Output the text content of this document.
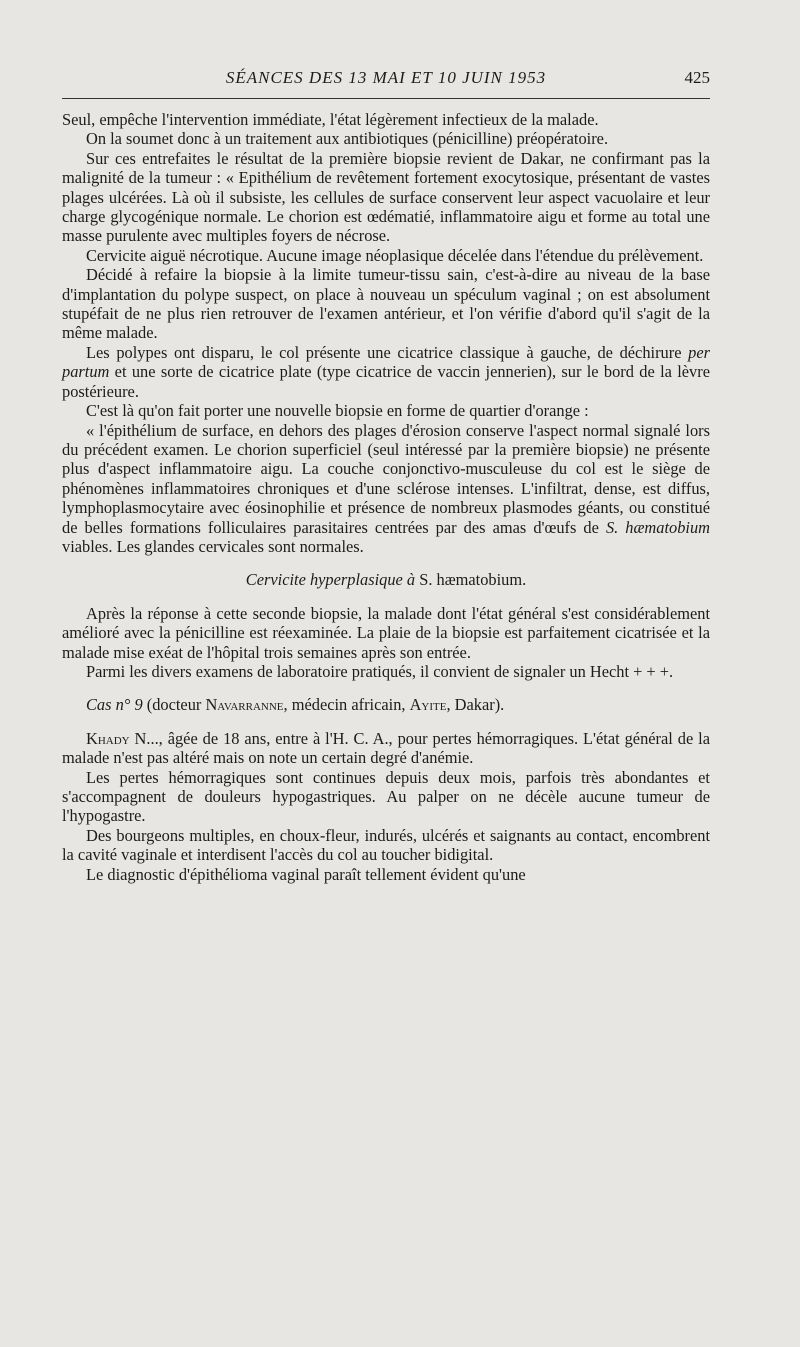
SÉANCES DES 13 MAI ET 10 JUIN 1953	425

Seul, empêche l'intervention immédiate, l'état légèrement infectieux de la malade.

On la soumet donc à un traitement aux antibiotiques (pénicilline) préopératoire.

Sur ces entrefaites le résultat de la première biopsie revient de Dakar, ne confirmant pas la malignité de la tumeur : « Epithélium de revêtement fortement exocytosique, présentant de vastes plages ulcérées. Là où il subsiste, les cellules de surface conservent leur aspect vacuolaire et leur charge glycogénique normale. Le chorion est œdématié, inflammatoire aigu et forme au total une masse purulente avec multiples foyers de nécrose.

Cervicite aiguë nécrotique. Aucune image néoplasique décelée dans l'étendue du prélèvement.

Décidé à refaire la biopsie à la limite tumeur-tissu sain, c'est-à-dire au niveau de la base d'implantation du polype suspect, on place à nouveau un spéculum vaginal ; on est absolument stupéfait de ne plus rien retrouver de l'examen antérieur, et l'on vérifie d'abord qu'il s'agit de la même malade.

Les polypes ont disparu, le col présente une cicatrice classique à gauche, de déchirure per partum et une sorte de cicatrice plate (type cicatrice de vaccin jennerien), sur le bord de la lèvre postérieure.

C'est là qu'on fait porter une nouvelle biopsie en forme de quartier d'orange :

« l'épithélium de surface, en dehors des plages d'érosion conserve l'aspect normal signalé lors du précédent examen. Le chorion superficiel (seul intéressé par la première biopsie) ne présente plus d'aspect inflammatoire aigu. La couche conjonctivo-musculeuse du col est le siège de phénomènes inflammatoires chroniques et d'une sclérose intenses. L'infiltrat, dense, est diffus, lymphoplasmocytaire avec éosinophilie et présence de nombreux plasmodes géants, ou constitué de belles formations folliculaires parasitaires centrées par des amas d'œufs de S. hæmatobium viables. Les glandes cervicales sont normales.

Cervicite hyperplasique à S. hæmatobium.

Après la réponse à cette seconde biopsie, la malade dont l'état général s'est considérablement amélioré avec la pénicilline est réexaminée. La plaie de la biopsie est parfaitement cicatrisée et la malade mise exéat de l'hôpital trois semaines après son entrée.

Parmi les divers examens de laboratoire pratiqués, il convient de signaler un Hecht + + +.

Cas n° 9 (docteur Navarranne, médecin africain, Ayite, Dakar).

Khady N..., âgée de 18 ans, entre à l'H. C. A., pour pertes hémorragiques. L'état général de la malade n'est pas altéré mais on note un certain degré d'anémie.

Les pertes hémorragiques sont continues depuis deux mois, parfois très abondantes et s'accompagnent de douleurs hypogastriques. Au palper on ne décèle aucune tumeur de l'hypogastre.

Des bourgeons multiples, en choux-fleur, indurés, ulcérés et saignants au contact, encombrent la cavité vaginale et interdisent l'accès du col au toucher bidigital.

Le diagnostic d'épithélioma vaginal paraît tellement évident qu'une
